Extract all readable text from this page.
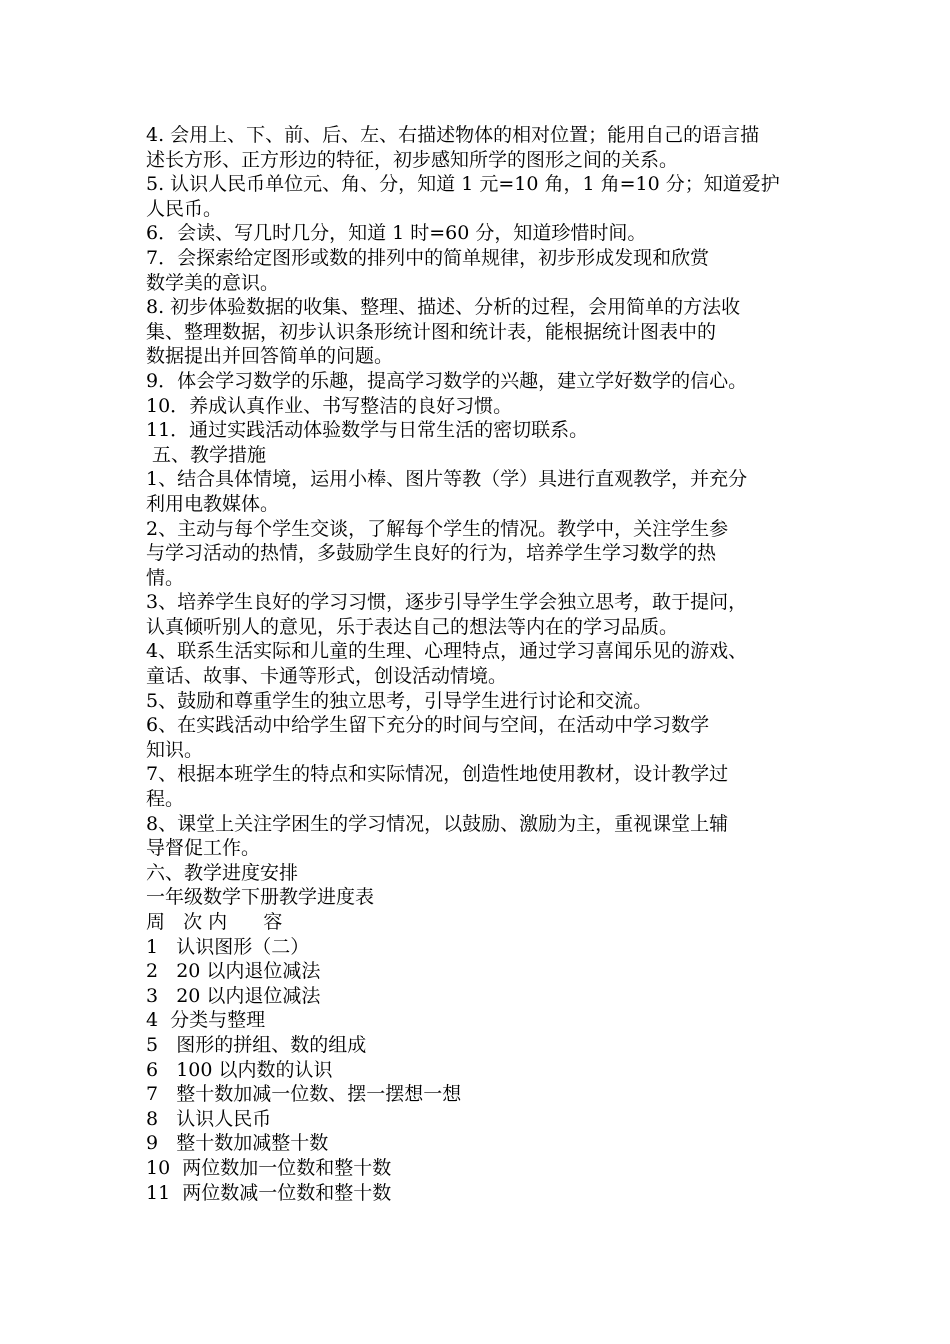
4. 会用上、下、前、后、左、右描述物体的相对位置；能用自己的语言描
述长方形、正方形边的特征，初步感知所学的图形之间的关系。
5. 认识人民币单位元、角、分，知道 1 元=10 角，1 角=10 分；知道爱护
人民币。
6．会读、写几时几分，知道 1 时=60 分，知道珍惜时间。
7．会探索给定图形或数的排列中的简单规律，初步形成发现和欣赏
数学美的意识。
8. 初步体验数据的收集、整理、描述、分析的过程，会用简单的方法收
集、整理数据，初步认识条形统计图和统计表，能根据统计图表中的
数据提出并回答简单的问题。
9．体会学习数学的乐趣，提高学习数学的兴趣，建立学好数学的信心。
10．养成认真作业、书写整洁的良好习惯。
11．通过实践活动体验数学与日常生活的密切联系。
五、教学措施
1、结合具体情境，运用小棒、图片等教（学）具进行直观教学，并充分
利用电教媒体。
2、主动与每个学生交谈，了解每个学生的情况。教学中，关注学生参
与学习活动的热情，多鼓励学生良好的行为，培养学生学习数学的热
情。
3、培养学生良好的学习习惯，逐步引导学生学会独立思考，敢于提问，
认真倾听别人的意见，乐于表达自己的想法等内在的学习品质。
4、联系生活实际和儿童的生理、心理特点，通过学习喜闻乐见的游戏、
童话、故事、卡通等形式，创设活动情境。
5、鼓励和尊重学生的独立思考，引导学生进行讨论和交流。
6、在实践活动中给学生留下充分的时间与空间，在活动中学习数学
知识。
7、根据本班学生的特点和实际情况，创造性地使用教材，设计教学过
程。
8、课堂上关注学困生的学习情况，以鼓励、激励为主，重视课堂上辅
导督促工作。
六、教学进度安排
一年级数学下册教学进度表
周   次 内      容
1   认识图形（二）
2   20 以内退位减法
3   20 以内退位减法
4  分类与整理
5   图形的拼组、数的组成
6   100 以内数的认识
7   整十数加减一位数、摆一摆想一想
8   认识人民币
9   整十数加减整十数
10  两位数加一位数和整十数
11  两位数减一位数和整十数
